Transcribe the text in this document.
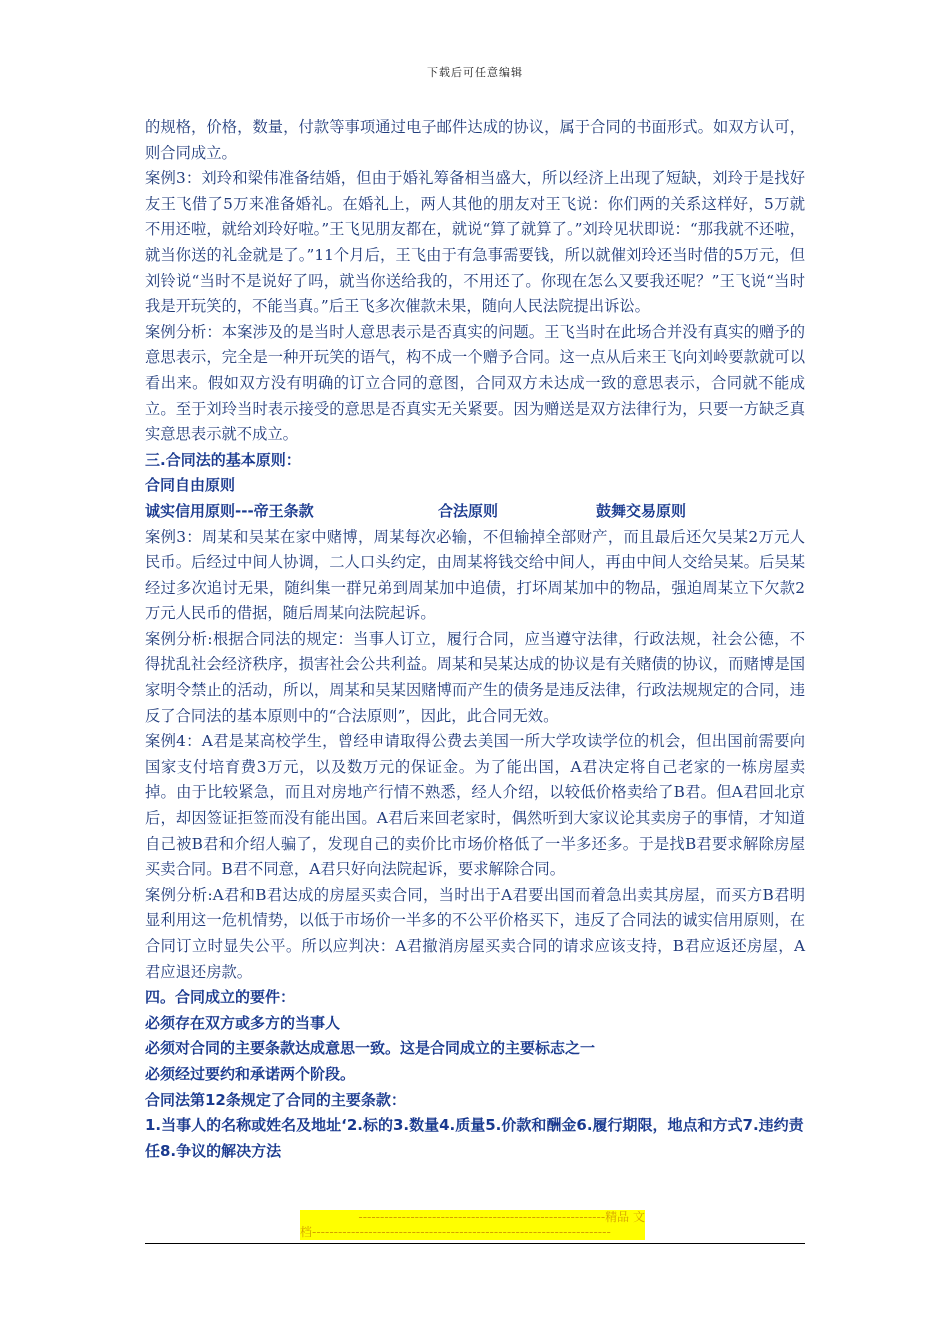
下载后可任意编辑

的规格，价格，数量，付款等事项通过电子邮件达成的协议，属于合同的书面形式。如双方认可，则合同成立。

案例3：刘玲和梁伟准备结婚，但由于婚礼筹备相当盛大，所以经济上出现了短缺，刘玲于是找好友王飞借了5万来准备婚礼。在婚礼上，两人其他的朋友对王飞说：你们两的关系这样好，5万就不用还啦，就给刘玲好啦。”王飞见朋友都在，就说“算了就算了。”刘玲见状即说：“那我就不还啦，就当你送的礼金就是了。”11个月后，王飞由于有急事需要钱，所以就催刘玲还当时借的5万元，但刘铃说“当时不是说好了吗，就当你送给我的，不用还了。你现在怎么又要我还呢？”王飞说“当时我是开玩笑的，不能当真。”后王飞多次催款未果，随向人民法院提出诉讼。

案例分析：本案涉及的是当时人意思表示是否真实的问题。王飞当时在此场合并没有真实的赠予的意思表示，完全是一种开玩笑的语气，构不成一个赠予合同。这一点从后来王飞向刘岭要款就可以看出来。假如双方没有明确的订立合同的意图，合同双方未达成一致的意思表示，合同就不能成立。至于刘玲当时表示接受的意思是否真实无关紧要。因为赠送是双方法律行为，只要一方缺乏真实意思表示就不成立。

三.合同法的基本原则：

合同自由原则

诚实信用原则---帝王条款	合法原则	鼓舞交易原则

案例3：周某和吴某在家中赌博，周某每次必输，不但输掉全部财产，而且最后还欠吴某2万元人民币。后经过中间人协调，二人口头约定，由周某将钱交给中间人，再由中间人交给吴某。后吴某经过多次追讨无果，随纠集一群兄弟到周某加中追债，打坏周某加中的物品，强迫周某立下欠款2万元人民币的借据，随后周某向法院起诉。

案例分析:根据合同法的规定：当事人订立，履行合同，应当遵守法律，行政法规，社会公德，不得扰乱社会经济秩序，损害社会公共利益。周某和吴某达成的协议是有关赌债的协议，而赌博是国家明令禁止的活动，所以，周某和吴某因赌博而产生的债务是违反法律，行政法规规定的合同，违反了合同法的基本原则中的“合法原则”，因此，此合同无效。

案例4：A君是某高校学生，曾经申请取得公费去美国一所大学攻读学位的机会，但出国前需要向国家支付培育费3万元，以及数万元的保证金。为了能出国，A君决定将自己老家的一栋房屋卖掉。由于比较紧急，而且对房地产行情不熟悉，经人介绍，以较低价格卖给了B君。但A君回北京后，却因签证拒签而没有能出国。A君后来回老家时，偶然听到大家议论其卖房子的事情，才知道自己被B君和介绍人骗了，发现自己的卖价比市场价格低了一半多还多。于是找B君要求解除房屋买卖合同。B君不同意，A君只好向法院起诉，要求解除合同。

案例分析:A君和B君达成的房屋买卖合同，当时出于A君要出国而着急出卖其房屋，而买方B君明显利用这一危机情势，以低于市场价一半多的不公平价格买下，违反了合同法的诚实信用原则，在合同订立时显失公平。所以应判决：A君撤消房屋买卖合同的请求应该支持，B君应返还房屋，A君应退还房款。

四。合同成立的要件：

必须存在双方或多方的当事人

必须对合同的主要条款达成意思一致。这是合同成立的主要标志之一

必须经过要约和承诺两个阶段。

合同法第12条规定了合同的主要条款：

1.当事人的名称或姓名及地址‘2.标的3.数量4.质量5.价款和酬金6.履行期限，地点和方式7.违约责任8.争议的解决方法

---------------------------------------------------------精品 文
档---------------------------------------------------------------------
